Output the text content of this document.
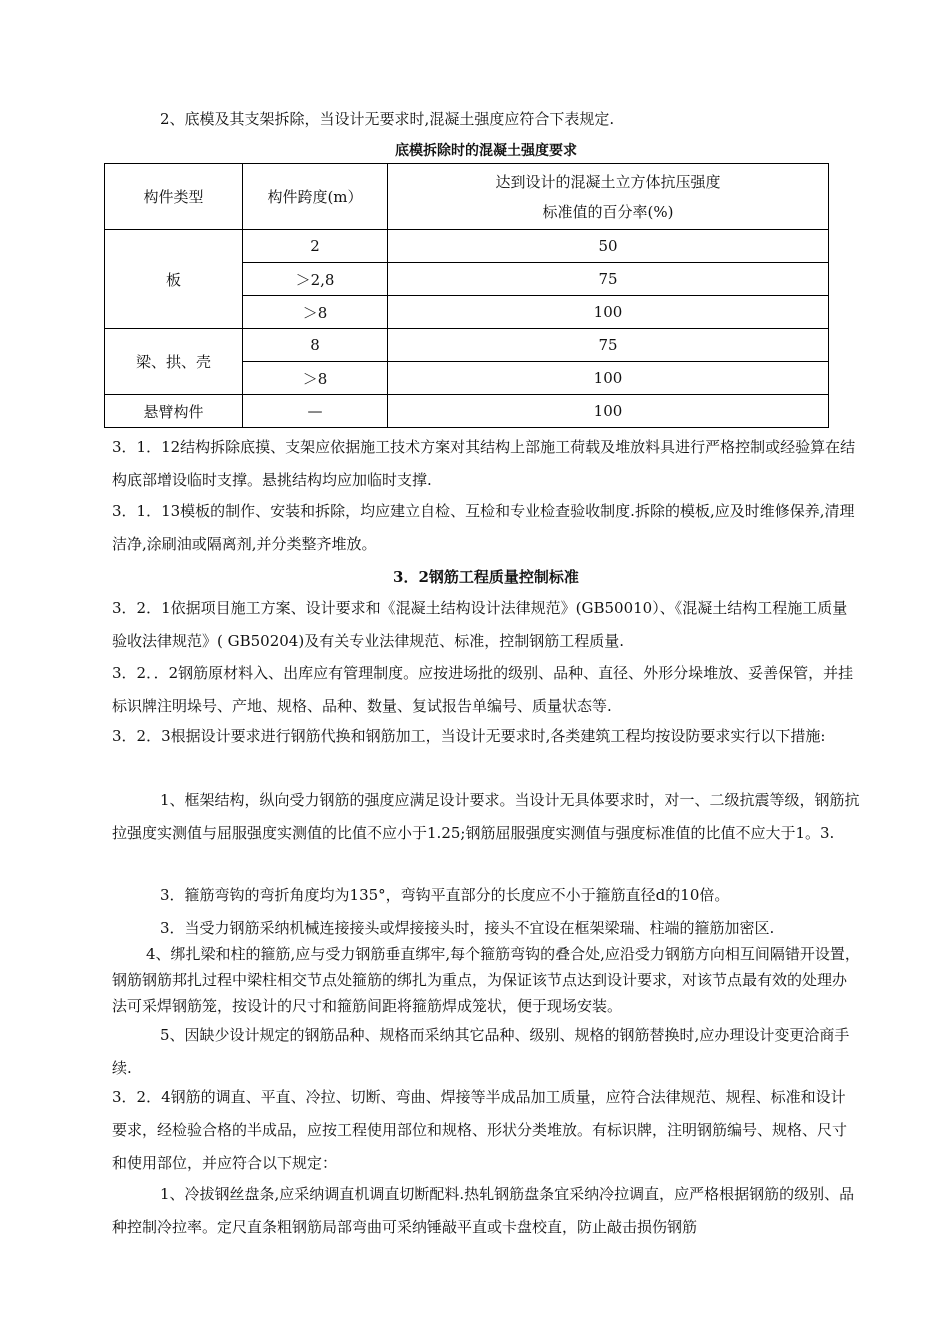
2、底模及其支架拆除，当设计无要求时,混凝土强度应符合下表规定.

底模拆除时的混凝土强度要求

构件类型	构件跨度(m）	达到设计的混凝土立方体抗压强度
标准值的百分率(%)

板	2	50
	＞2,8	75
	＞8	100
梁、拱、壳	8	75
	＞8	100
悬臂构件	—	100

3．1．12结构拆除底摸、支架应依据施工技术方案对其结构上部施工荷载及堆放料具进行严格控制或经验算在结构底部增设临时支撑。悬挑结构均应加临时支撑.

3．1．13模板的制作、安装和拆除，均应建立自检、互检和专业检查验收制度.拆除的模板,应及时维修保养,清理洁净,涂刷油或隔离剂,并分类整齐堆放。

3．2钢筋工程质量控制标准

3．2．1依据项目施工方案、设计要求和《混凝土结构设计法律规范》(GB50010）、《混凝土结构工程施工质量验收法律规范》( GB50204)及有关专业法律规范、标准，控制钢筋工程质量.

3．2．．2钢筋原材料入、出库应有管理制度。应按进场批的级别、品种、直径、外形分垛堆放、妥善保管，并挂标识牌注明垛号、产地、规格、品种、数量、复试报告单编号、质量状态等.

3．2．3根据设计要求进行钢筋代换和钢筋加工，当设计无要求时,各类建筑工程均按设防要求实行以下措施:

1、框架结构，纵向受力钢筋的强度应满足设计要求。当设计无具体要求时，对一、二级抗震等级，钢筋抗拉强度实测值与屈服强度实测值的比值不应小于1.25;钢筋屈服强度实测值与强度标准值的比值不应大于1。3.

3．箍筋弯钩的弯折角度均为135°，弯钩平直部分的长度应不小于箍筋直径d的10倍。

3．当受力钢筋采纳机械连接接头或焊接接头时，接头不宜设在框架梁瑞、柱端的箍筋加密区.

4、绑扎梁和柱的箍筋,应与受力钢筋垂直绑牢,每个箍筋弯钩的叠合处,应沿受力钢筋方向相互间隔错开设置，钢筋钢筋邦扎过程中梁柱相交节点处箍筋的绑扎为重点，为保证该节点达到设计要求，对该节点最有效的处理办法可采焊钢筋笼，按设计的尺寸和箍筋间距将箍筋焊成笼状，便于现场安装。

5、因缺少设计规定的钢筋品种、规格而采纳其它品种、级别、规格的钢筋替换时,应办理设计变更洽商手续.

3．2．4钢筋的调直、平直、冷拉、切断、弯曲、焊接等半成品加工质量，应符合法律规范、规程、标准和设计要求，经检验合格的半成品，应按工程使用部位和规格、形状分类堆放。有标识牌，注明钢筋编号、规格、尺寸和使用部位，并应符合以下规定：

1、冷拔钢丝盘条,应采纳调直机调直切断配料.热轧钢筋盘条宜采纳冷拉调直，应严格根据钢筋的级别、品种控制冷拉率。定尺直条粗钢筋局部弯曲可采纳锤敲平直或卡盘校直，防止敲击损伤钢筋
